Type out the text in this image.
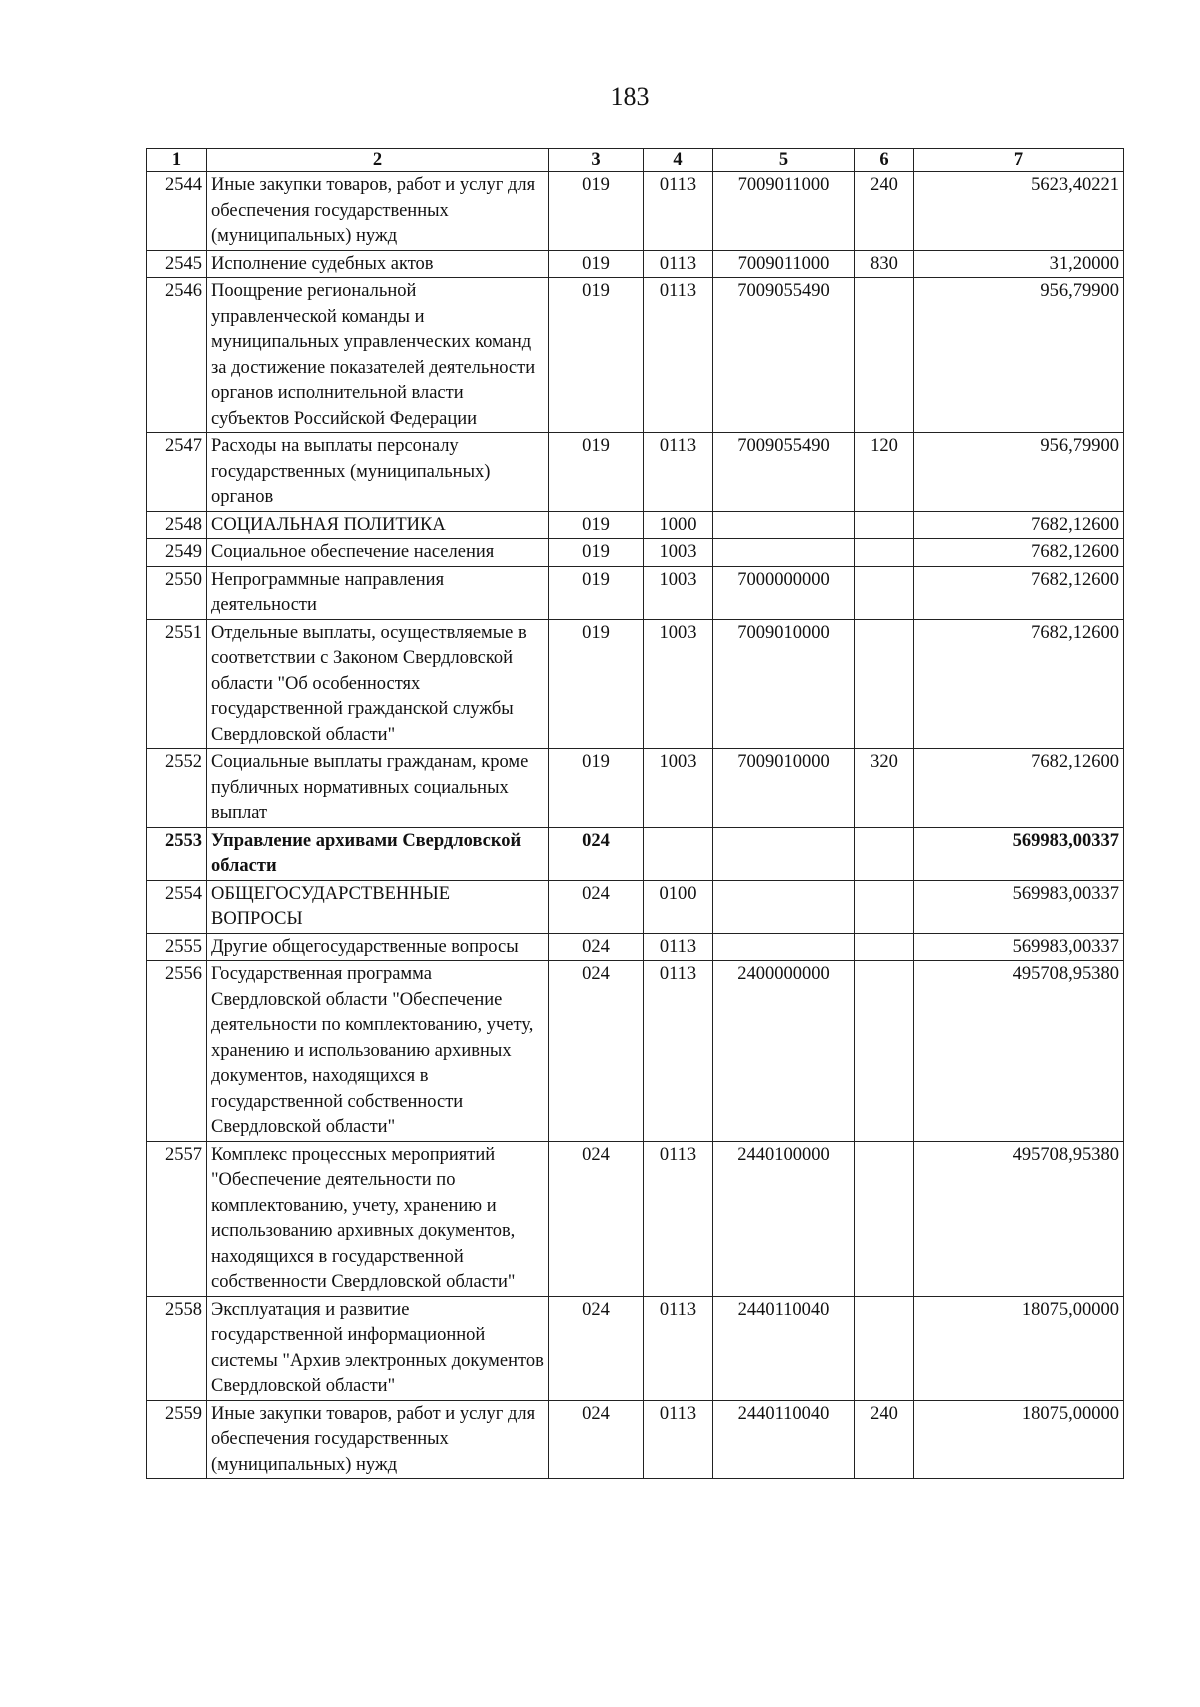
183
1	2	3	4	5	6	7
2544	Иные закупки товаров, работ и услуг для обеспечения государственных (муниципальных) нужд	019	0113	7009011000	240	5623,40221
2545	Исполнение судебных актов	019	0113	7009011000	830	31,20000
2546	Поощрение региональной управленческой команды и муниципальных управленческих команд за достижение показателей деятельности органов исполнительной власти субъектов Российской Федерации	019	0113	7009055490		956,79900
2547	Расходы на выплаты персоналу государственных (муниципальных) органов	019	0113	7009055490	120	956,79900
2548	СОЦИАЛЬНАЯ ПОЛИТИКА	019	1000			7682,12600
2549	Социальное обеспечение населения	019	1003			7682,12600
2550	Непрограммные направления деятельности	019	1003	7000000000		7682,12600
2551	Отдельные выплаты, осуществляемые в соответствии с Законом Свердловской области "Об особенностях государственной гражданской службы Свердловской области"	019	1003	7009010000		7682,12600
2552	Социальные выплаты гражданам, кроме публичных нормативных социальных выплат	019	1003	7009010000	320	7682,12600
2553	Управление архивами Свердловской области	024				569983,00337
2554	ОБЩЕГОСУДАРСТВЕННЫЕ ВОПРОСЫ	024	0100			569983,00337
2555	Другие общегосударственные вопросы	024	0113			569983,00337
2556	Государственная программа Свердловской области "Обеспечение деятельности по комплектованию, учету, хранению и использованию архивных документов, находящихся в государственной собственности Свердловской области"	024	0113	2400000000		495708,95380
2557	Комплекс процессных мероприятий "Обеспечение деятельности по комплектованию, учету, хранению и использованию архивных документов, находящихся в государственной собственности Свердловской области"	024	0113	2440100000		495708,95380
2558	Эксплуатация и развитие государственной информационной системы "Архив электронных документов Свердловской области"	024	0113	2440110040		18075,00000
2559	Иные закупки товаров, работ и услуг для обеспечения государственных (муниципальных) нужд	024	0113	2440110040	240	18075,00000
